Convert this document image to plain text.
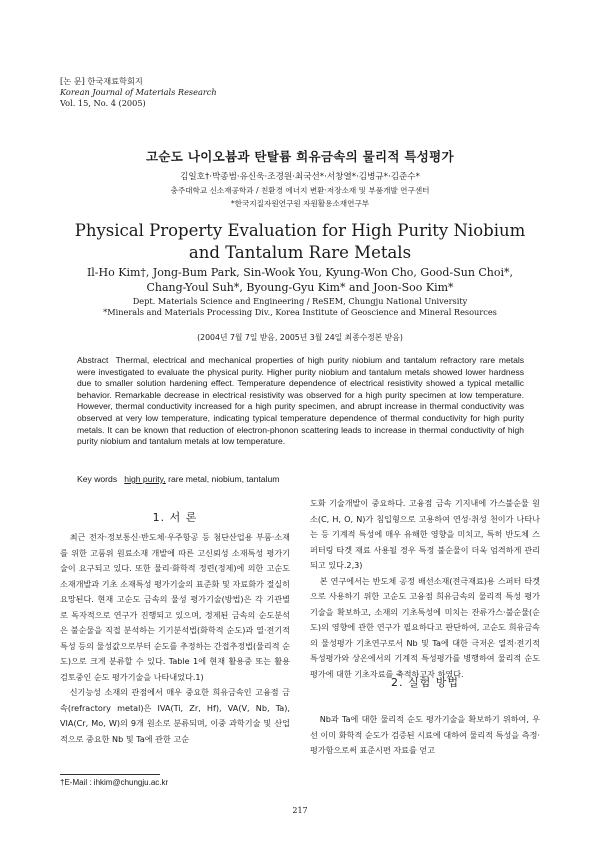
[논 문] 한국재료학회지
Korean Journal of Materials Research
Vol. 15, No. 4 (2005)
고순도 나이오븀과 탄탈륨 희유금속의 물리적 특성평가
김일호†·박종범·유신욱·조경원·최국선*·서창열*·김병규*·김준수*
충주대학교 신소재공학과 / 친환경 에너지 변환·저장소재 및 부품개발 연구센터
*한국지질자원연구원 자원활용소재연구부
Physical Property Evaluation for High Purity Niobium
and Tantalum Rare Metals
Il-Ho Kim†, Jong-Bum Park, Sin-Wook You, Kyung-Won Cho, Good-Sun Choi*,
Chang-Youl Suh*, Byoung-Gyu Kim* and Joon-Soo Kim*
Dept. Materials Science and Engineering / ReSEM, Chungju National University
*Minerals and Materials Processing Div., Korea Institute of Geoscience and Mineral Resources
(2004년 7월 7일 받음, 2005년 3월 24일 최종수정본 받음)
Abstract Thermal, electrical and mechanical properties of high purity niobium and tantalum refractory rare metals were investigated to evaluate the physical purity. Higher purity niobium and tantalum metals showed lower hardness due to smaller solution hardening effect. Temperature dependence of electrical resistivity showed a typical metallic behavior. Remarkable decrease in electrical resistivity was observed for a high purity specimen at low temperature. However, thermal conductivity increased for a high purity specimen, and abrupt increase in thermal conductivity was observed at very low temperature, indicating typical temperature dependence of thermal conductivity for high purity metals. It can be known that reduction of electron-phonon scattering leads to increase in thermal conductivity of high purity niobium and tantalum metals at low temperature.
Key words high purity, rare metal, niobium, tantalum
1. 서 론

최근 전자·정보통신·반도체·우주항공 등 첨단산업용 부품·소재를 위한 고품위 원료소재 개발에 따른 고신뢰성 소재특성 평가기술이 요구되고 있다. 또한 물리·화학적 정련(정제)에 의한 고순도 소재개발과 기초 소재특성 평가기술의 표준화 및 자료화가 절실히 요망된다. 현재 고순도 금속의 물성 평가기술(방법)은 각 기관별로 독자적으로 연구가 진행되고 있으며, 정제된 금속의 순도분석은 불순물을 직접 분석하는 기기분석법(화학적 순도)과 열·전기적 특성 등의 물성값으로부터 순도를 추정하는 간접추정법(물리적 순도)으로 크게 분류할 수 있다. Table 1에 현재 활용중 또는 활용 검토중인 순도 평가기술을 나타내었다.1)

신기능성 소재의 관점에서 매우 중요한 희유금속인 고융점 금속(refractory metal)은 IVA(Ti, Zr, Hf), VA(V, Nb, Ta), VIA(Cr, Mo, W)의 9개 원소로 분류되며, 이중 과학기술 및 산업적으로 중요한 Nb 및 Ta에 관한 고순

도화 기술개발이 중요하다. 고융점 금속 기지내에 가스불순물 원소(C, H, O, N)가 침입형으로 고용하여 연성·취성 천이가 나타나는 등 기계적 특성에 매우 유해한 영향을 미치고, 특히 반도체 스퍼터링 타겟 재료 사용될 경우 특정 불순물이 더욱 엄격하게 관리되고 있다.2,3)

본 연구에서는 반도체 공정 배선소재(전극재료)용 스퍼터 타겟으로 사용하기 위한 고순도 고융점 희유금속의 물리적 특성 평가기술을 확보하고, 소재의 기초특성에 미치는 잔류가스·불순물(순도)의 영향에 관한 연구가 필요하다고 판단하여, 고순도 희유금속의 물성평가 기초연구로서 Nb 및 Ta에 대한 극저온 열적·전기적 특성평가와 상온에서의 기계적 특성평가를 병행하여 물리적 순도평가에 대한 기초자료를 축적하고자 하였다.

2. 실험 방법

Nb과 Ta에 대한 물리적 순도 평가기술을 확보하기 위하여, 우선 이미 화학적 순도가 검증된 시료에 대하여 물리적 특성을 측정·평가함으로써 표준시편 자료를 얻고

†E-Mail : ihkim@chungju.ac.kr
217
